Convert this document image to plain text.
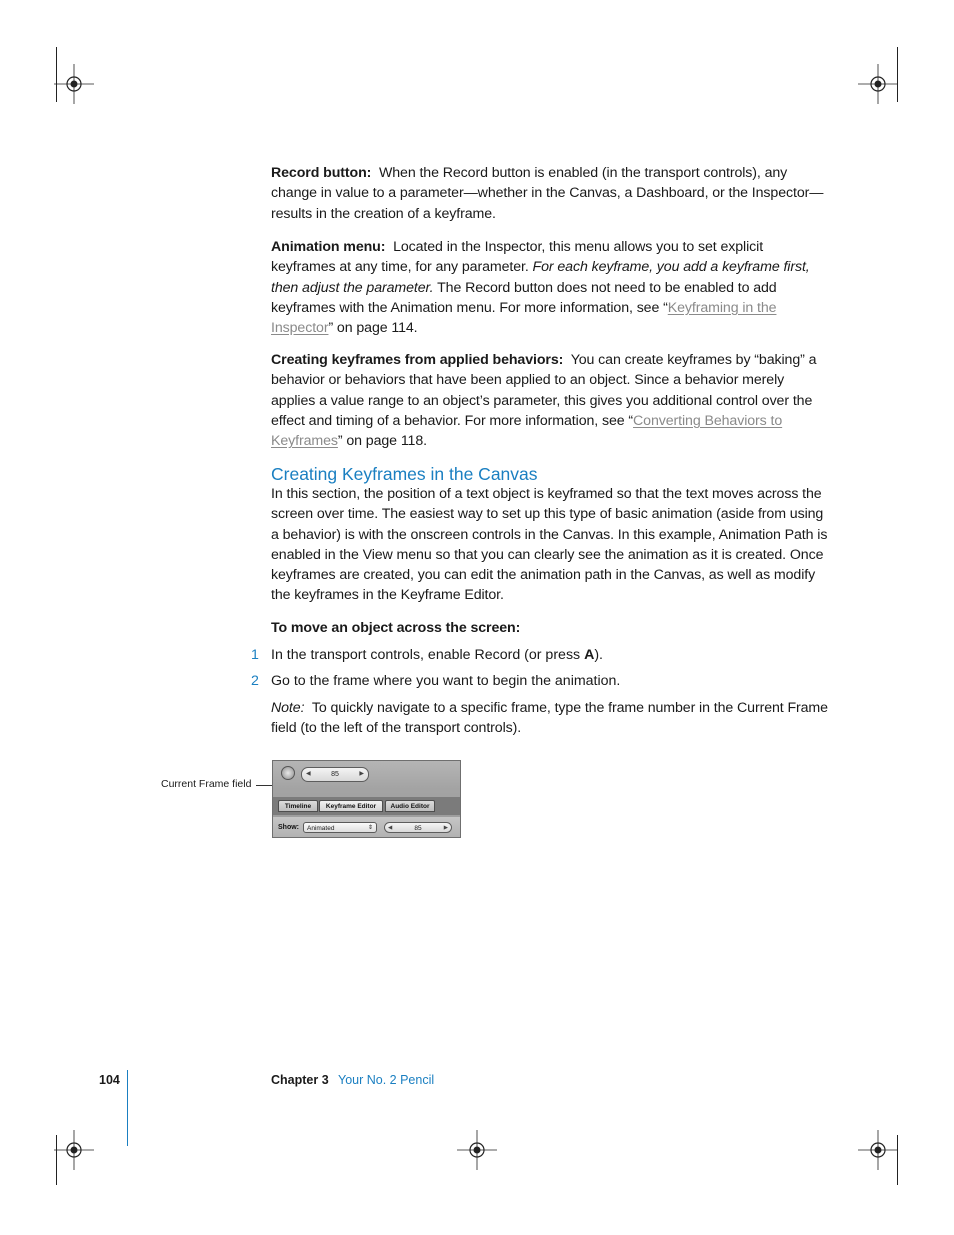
Record button: When the Record button is enabled (in the transport controls), any change in value to a parameter—whether in the Canvas, a Dashboard, or the Inspector—results in the creation of a keyframe.
Animation menu: Located in the Inspector, this menu allows you to set explicit keyframes at any time, for any parameter. For each keyframe, you add a keyframe first, then adjust the parameter. The Record button does not need to be enabled to add keyframes with the Animation menu. For more information, see “Keyframing in the Inspector” on page 114.
Creating keyframes from applied behaviors: You can create keyframes by “baking” a behavior or behaviors that have been applied to an object. Since a behavior merely applies a value range to an object’s parameter, this gives you additional control over the effect and timing of a behavior. For more information, see “Converting Behaviors to Keyframes” on page 118.
Creating Keyframes in the Canvas
In this section, the position of a text object is keyframed so that the text moves across the screen over time. The easiest way to set up this type of basic animation (aside from using a behavior) is with the onscreen controls in the Canvas. In this example, Animation Path is enabled in the View menu so that you can clearly see the animation as it is created. Once keyframes are created, you can edit the animation path in the Canvas, as well as modify the keyframes in the Keyframe Editor.
To move an object across the screen:
1 In the transport controls, enable Record (or press A).
2 Go to the frame where you want to begin the animation.
Note: To quickly navigate to a specific frame, type the frame number in the Current Frame field (to the left of the transport controls).
Current Frame field
◀	85	▶
Timeline	Keyframe Editor	Audio Editor
Show:	Animated	⇕	◀	85	▶
104	Chapter 3 Your No. 2 Pencil
